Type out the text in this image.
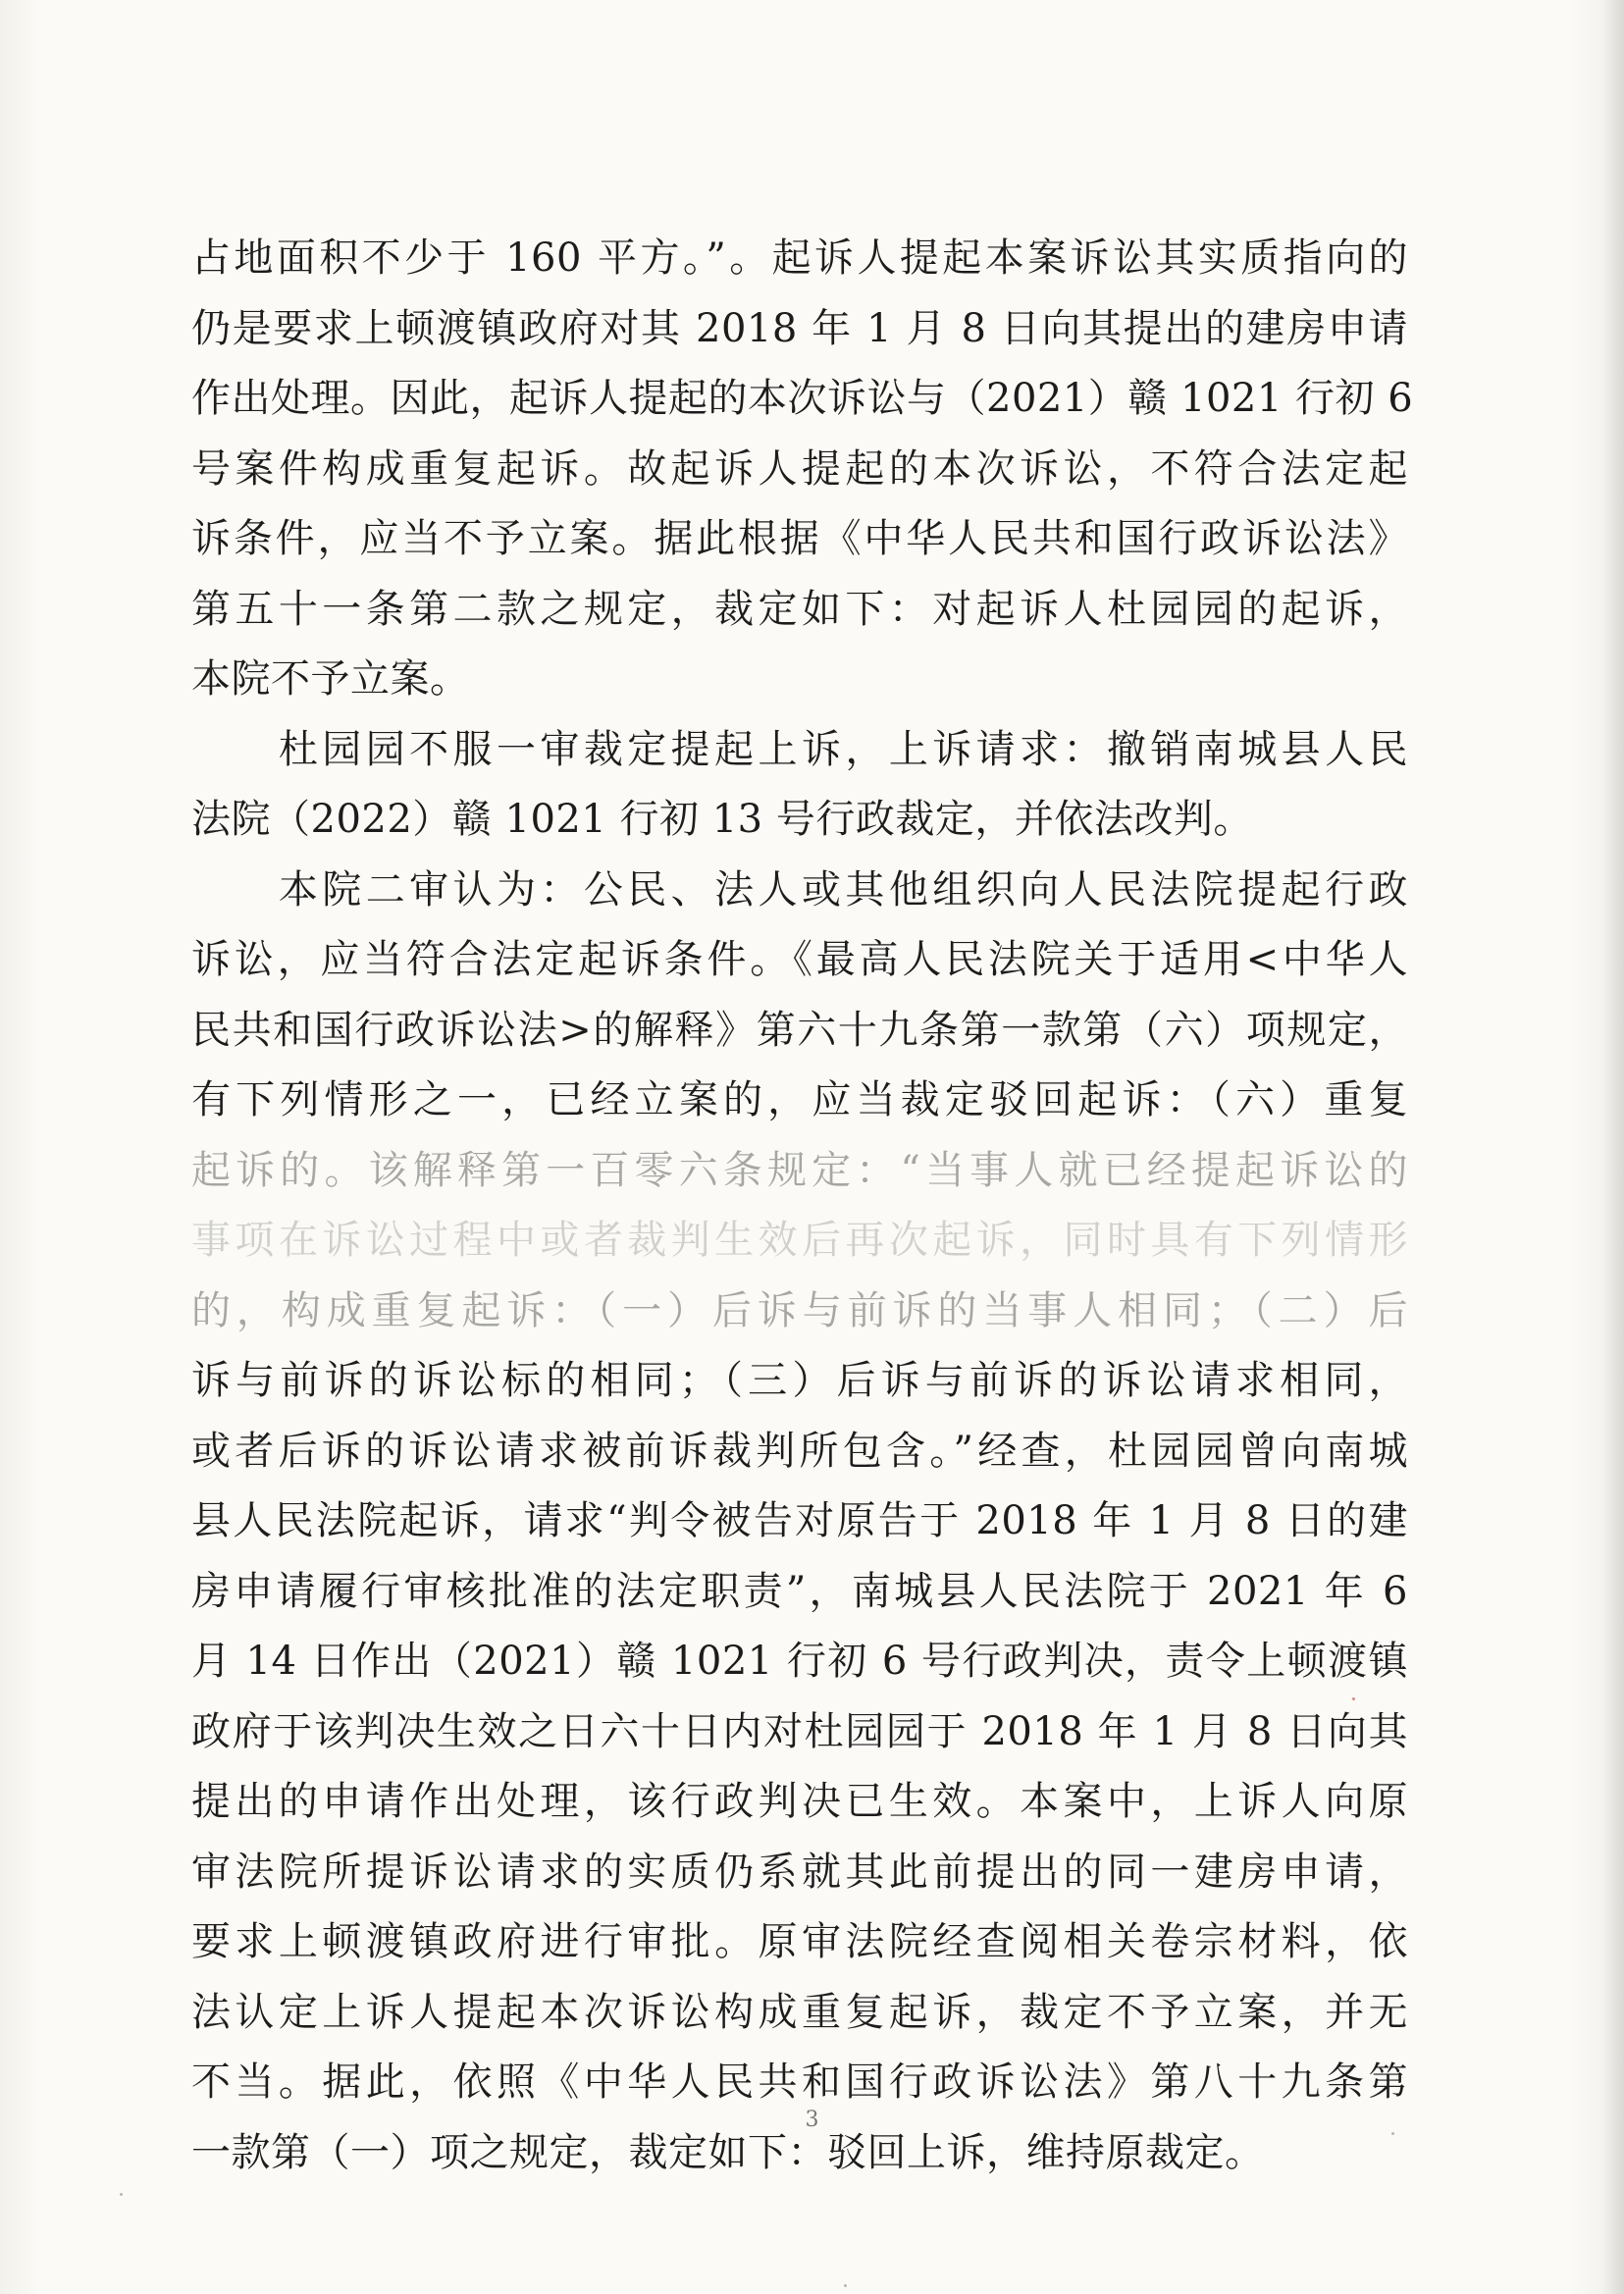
占地面积不少于 160 平方。”。起诉人提起本案诉讼其实质指向的
仍是要求上顿渡镇政府对其 2018 年 1 月 8 日向其提出的建房申请
作出处理。因此，起诉人提起的本次诉讼与（2021）赣 1021 行初 6
号案件构成重复起诉。故起诉人提起的本次诉讼，不符合法定起
诉条件，应当不予立案。据此根据《中华人民共和国行政诉讼法》
第五十一条第二款之规定，裁定如下：对起诉人杜园园的起诉，
本院不予立案。
　　杜园园不服一审裁定提起上诉，上诉请求：撤销南城县人民
法院（2022）赣 1021 行初 13 号行政裁定，并依法改判。
　　本院二审认为：公民、法人或其他组织向人民法院提起行政
诉讼，应当符合法定起诉条件。《最高人民法院关于适用<中华人
民共和国行政诉讼法>的解释》第六十九条第一款第（六）项规定，
有下列情形之一，已经立案的，应当裁定驳回起诉：（六）重复
起诉的。该解释第一百零六条规定：“当事人就已经提起诉讼的
事项在诉讼过程中或者裁判生效后再次起诉，同时具有下列情形
的，构成重复起诉：（一）后诉与前诉的当事人相同；（二）后
诉与前诉的诉讼标的相同；（三）后诉与前诉的诉讼请求相同，
或者后诉的诉讼请求被前诉裁判所包含。”经查，杜园园曾向南城
县人民法院起诉，请求“判令被告对原告于 2018 年 1 月 8 日的建
房申请履行审核批准的法定职责”，南城县人民法院于 2021 年 6
月 14 日作出（2021）赣 1021 行初 6 号行政判决，责令上顿渡镇
政府于该判决生效之日六十日内对杜园园于 2018 年 1 月 8 日向其
提出的申请作出处理，该行政判决已生效。本案中，上诉人向原
审法院所提诉讼请求的实质仍系就其此前提出的同一建房申请，
要求上顿渡镇政府进行审批。原审法院经查阅相关卷宗材料，依
法认定上诉人提起本次诉讼构成重复起诉，裁定不予立案，并无
不当。据此，依照《中华人民共和国行政诉讼法》第八十九条第
一款第（一）项之规定，裁定如下：驳回上诉，维持原裁定。
3
